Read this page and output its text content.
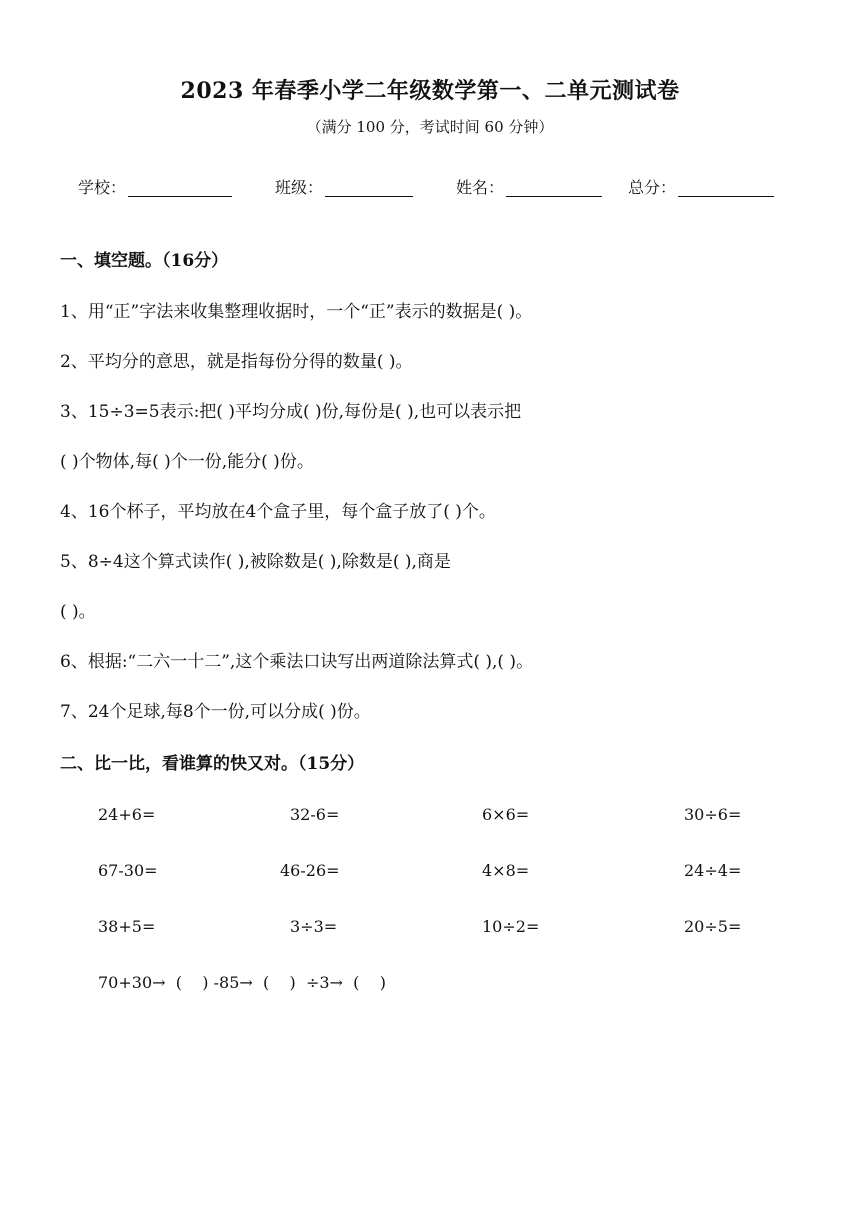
2023 年春季小学二年级数学第一、二单元测试卷
（满分 100 分，考试时间 60 分钟）
学校：	班级：	姓名：	总分：
一、填空题。（16分）
1、用“正”字法来收集整理收据时，一个“正”表示的数据是( )。
2、平均分的意思，就是指每份分得的数量( )。
3、15÷3=5表示:把( )平均分成( )份,每份是( ),也可以表示把
( )个物体,每( )个一份,能分( )份。
4、16个杯子，平均放在4个盒子里，每个盒子放了( )个。
5、8÷4这个算式读作( ),被除数是( ),除数是( ),商是
( )。
6、根据:“二六一十二”,这个乘法口诀写出两道除法算式( ),( )。
7、24个足球,每8个一份,可以分成( )份。
二、比一比，看谁算的快又对。（15分）
24+6=	32-6=	6×6=	30÷6=
67-30=	46-26=	4×8=	24÷4=
38+5=	3÷3=	10÷2=	20÷5=
70+30→  (    ) -85→  (    )  ÷3→  (    )
